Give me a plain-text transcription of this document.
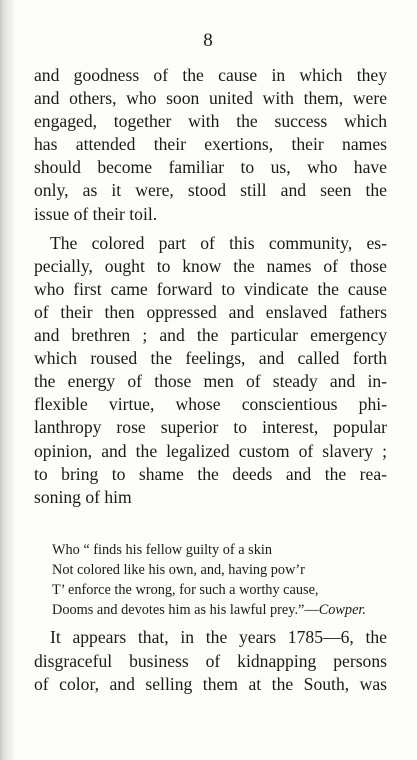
8
and goodness of the cause in which they
and others, who soon united with them, were
engaged, together with the success which
has attended their exertions, their names
should become familiar to us, who have
only, as it were, stood still and seen the
issue of their toil.
The colored part of this community, es-
pecially, ought to know the names of those
who first came forward to vindicate the cause
of their then oppressed and enslaved fathers
and brethren ; and the particular emergency
which roused the feelings, and called forth
the energy of those men of steady and in-
flexible virtue, whose conscientious phi-
lanthropy rose superior to interest, popular
opinion, and the legalized custom of slavery ;
to bring to shame the deeds and the rea-
soning of him
Who “ finds his fellow guilty of a skin
Not colored like his own, and, having pow’r
T’ enforce the wrong, for such a worthy cause,
Dooms and devotes him as his lawful prey.”—Cowper.
It appears that, in the years 1785—6, the
disgraceful business of kidnapping persons
of color, and selling them at the South, was
